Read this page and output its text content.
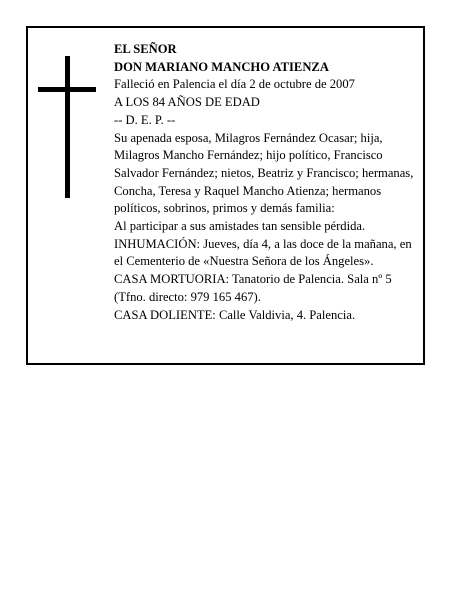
EL SEÑOR

DON MARIANO MANCHO ATIENZA

Falleció en Palencia el día 2 de octubre de 2007

A LOS 84 AÑOS DE EDAD

-- D. E. P. --

Su apenada esposa, Milagros Fernández Ocasar; hija, Milagros Mancho Fernández; hijo político, Francisco Salvador Fernández; nietos, Beatriz y Francisco; hermanas, Concha, Teresa y Raquel Mancho Atienza; hermanos políticos, sobrinos, primos y demás familia:

Al participar a sus amistades tan sensible pérdida.

INHUMACIÓN: Jueves, día 4, a las doce de la mañana, en el Cementerio de «Nuestra Señora de los Ángeles».

CASA MORTUORIA: Tanatorio de Palencia. Sala nº 5 (Tfno. directo: 979 165 467).

CASA DOLIENTE: Calle Valdivia, 4. Palencia.
